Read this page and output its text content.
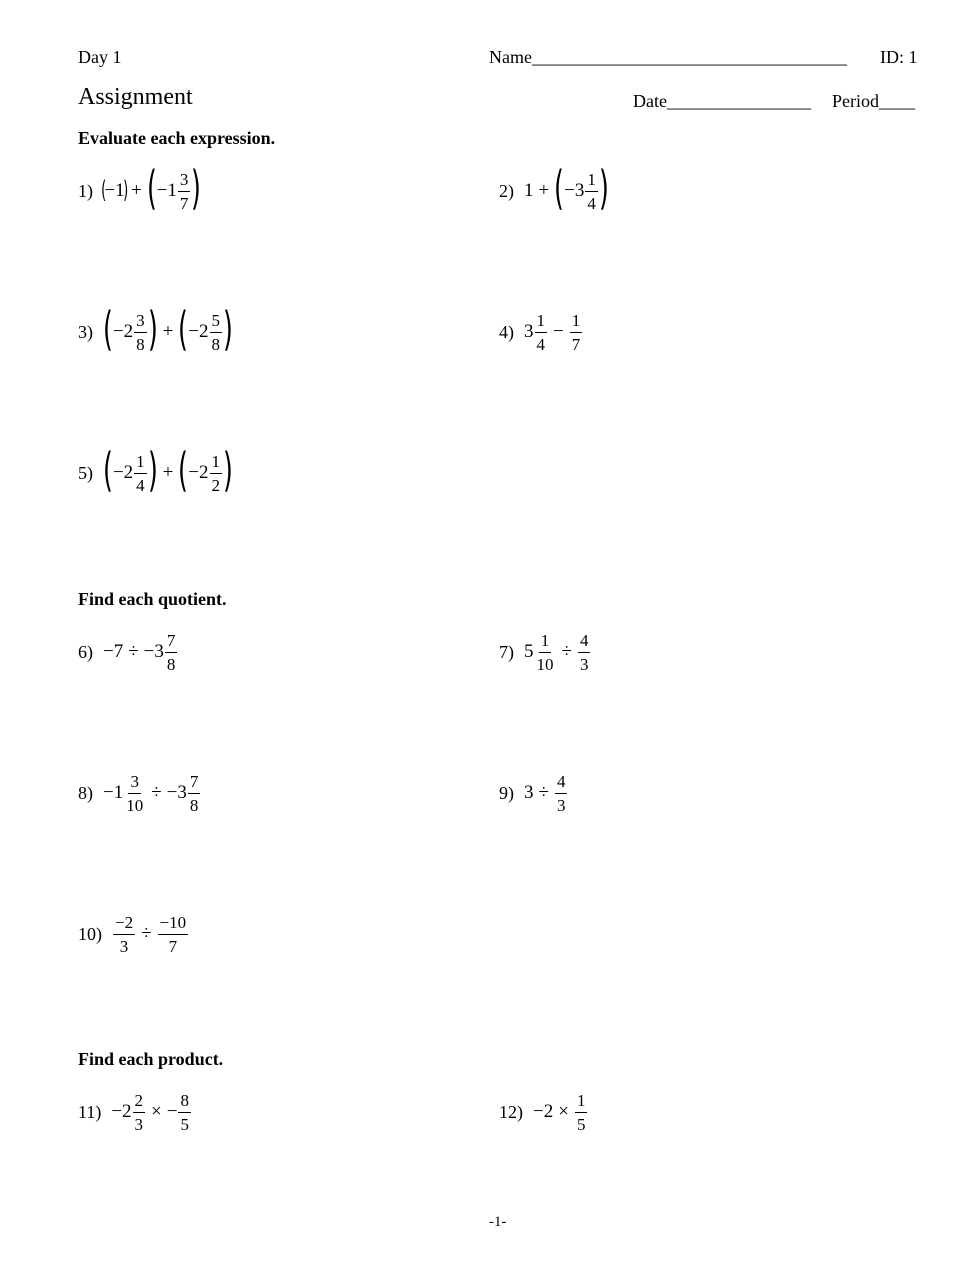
Day 1	Name___________________________________ ID: 1
Assignment	Date________________ Period____
Evaluate each expression.
1) (
−1
) + ( $-1 \frac{3}{7}$ )	2) 1 + ( $-3 \frac{1}{4}$ )
3) ( $-2 \frac{3}{8}$ ) + ( $-2 \frac{5}{8}$ )	4) $3 \frac{1}{4} - \frac{1}{7}$
5) ( $-2 \frac{1}{4}$ ) + ( $-2 \frac{1}{2}$ )
Find each quotient.
$6) -7 \div -3 \frac{7}{8}$	7) $5 \frac{1}{10} \div \frac{4}{3}$
$8) -1 \frac{3}{10} \div -3 \frac{7}{8}$	9) $3 \div \frac{4}{3}$
$10) \frac{-2}{3} \div \frac{-10}{7}$
Find each product.
$11) -2 \frac{2}{3}$ × − $\frac{8}{5}$	$12) -2 \times \frac{1}{5}$
-1-
